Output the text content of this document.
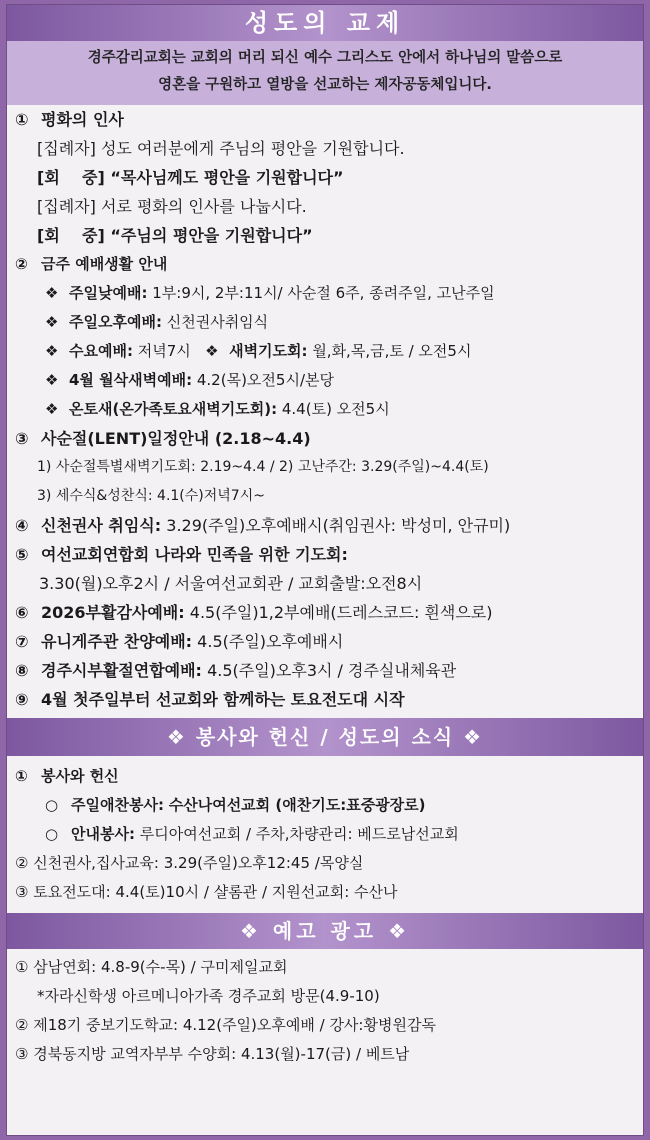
성도의 교제
경주감리교회는 교회의 머리 되신 예수 그리스도 안에서 하나님의 말씀으로
영혼을 구원하고 열방을 선교하는 제자공동체입니다.
① 평화의 인사
[집례자] 성도 여러분에게 주님의 평안을 기원합니다.
[회    중] “목사님께도 평안을 기원합니다”
[집례자] 서로 평화의 인사를 나눕시다.
[회    중] “주님의 평안을 기원합니다”
② 금주 예배생활 안내
❖ 주일낮예배: 1부:9시, 2부:11시/ 사순절 6주, 종려주일, 고난주일
❖ 주일오후예배: 신천권사취임식
❖ 수요예배: 저녁7시 ❖ 새벽기도회: 월,화,목,금,토 / 오전5시
❖ 4월 월삭새벽예배: 4.2(목)오전5시/본당
❖ 온토새(온가족토요새벽기도회): 4.4(토) 오전5시
③ 사순절(LENT)일정안내 (2.18~4.4)
1) 사순절특별새벽기도회: 2.19~4.4 / 2) 고난주간: 3.29(주일)~4.4(토)
3) 세수식&성찬식: 4.1(수)저녁7시~
④ 신천권사 취임식: 3.29(주일)오후예배시(취임권사: 박성미, 안규미)
⑤ 여선교회연합회 나라와 민족을 위한 기도회:
3.30(월)오후2시 / 서울여선교회관 / 교회출발:오전8시
⑥ 2026부활감사예배: 4.5(주일)1,2부예배(드레스코드: 흰색으로)
⑦ 유니게주관 찬양예배: 4.5(주일)오후예배시
⑧ 경주시부활절연합예배: 4.5(주일)오후3시 / 경주실내체육관
⑨ 4월 첫주일부터 선교회와 함께하는 토요전도대 시작
❖ 봉사와 헌신 / 성도의 소식 ❖
① 봉사와 헌신
○ 주일애찬봉사: 수산나여선교회 (애찬기도:표중광장로)
○ 안내봉사: 루디아여선교회 / 주차,차량관리: 베드로남선교회
② 신천권사,집사교육: 3.29(주일)오후12:45 /목양실
③ 토요전도대: 4.4(토)10시 / 샬롬관 / 지원선교회: 수산나
❖ 예고 광고 ❖
① 삼남연회: 4.8-9(수-목) / 구미제일교회
*자라신학생 아르메니아가족 경주교회 방문(4.9-10)
② 제18기 중보기도학교: 4.12(주일)오후예배 / 강사:황병원감독
③ 경북동지방 교역자부부 수양회: 4.13(월)-17(금) / 베트남
